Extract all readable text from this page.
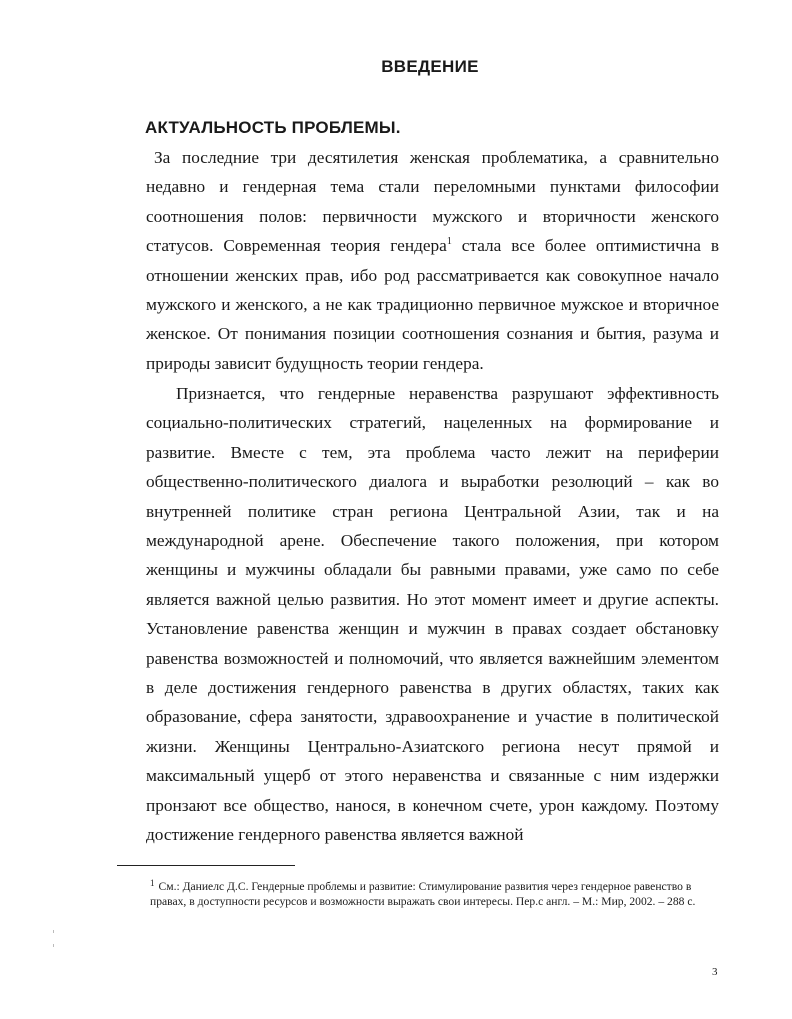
ВВЕДЕНИЕ
АКТУАЛЬНОСТЬ ПРОБЛЕМЫ.

За последние три десятилетия женская проблематика, а сравнительно недавно и гендерная тема стали переломными пунктами философии соотношения полов: первичности мужского и вторичности женского статусов. Современная теория гендера$^1$ стала все более оптимистична в отношении женских прав, ибо род рассматривается как совокупное начало мужского и женского, а не как традиционно первичное мужское и вторичное женское. От понимания позиции соотношения сознания и бытия, разума и природы зависит будущность теории гендера.

Признается, что гендерные неравенства разрушают эффективность социально-политических стратегий, нацеленных на формирование и развитие. Вместе с тем, эта проблема часто лежит на периферии общественно-политического диалога и выработки резолюций – как во внутренней политике стран региона Центральной Азии, так и на международной арене. Обеспечение такого положения, при котором женщины и мужчины обладали бы равными правами, уже само по себе является важной целью развития. Но этот момент имеет и другие аспекты. Установление равенства женщин и мужчин в правах создает обстановку равенства возможностей и полномочий, что является важнейшим элементом в деле достижения гендерного равенства в других областях, таких как образование, сфера занятости, здравоохранение и участие в политической жизни. Женщины Центрально-Азиатского региона несут прямой и максимальный ущерб от этого неравенства и связанные с ним издержки пронзают все общество, нанося, в конечном счете, урон каждому. Поэтому достижение гендерного равенства является важной

$^1$ См.: Даниелс Д.С. Гендерные проблемы и развитие: Стимулирование развития через гендерное равенство в правах, в доступности ресурсов и возможности выражать свои интересы. Пер.с англ. – М.: Мир, 2002. – 288 с.

3
